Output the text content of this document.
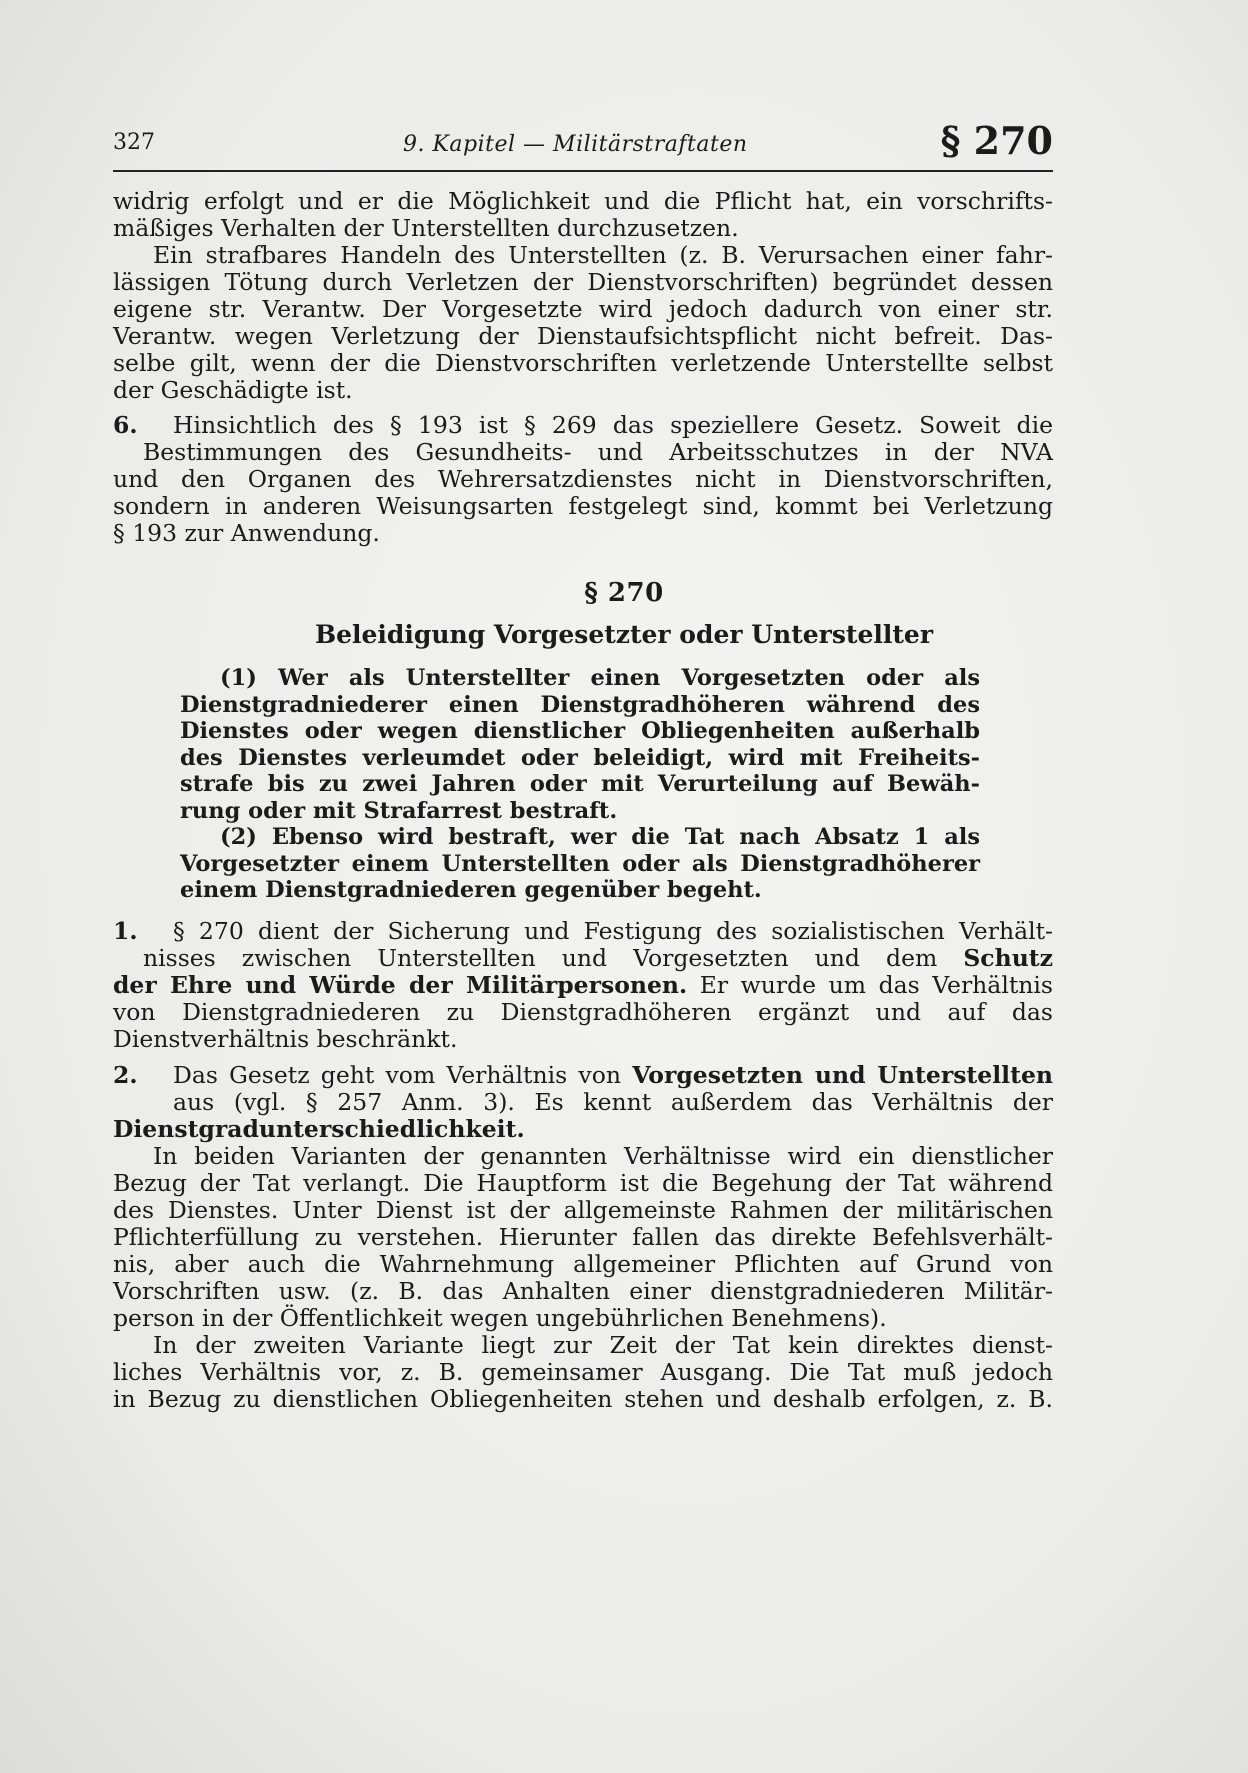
327	9. Kapitel — Militärstraftaten	§ 270

widrig erfolgt und er die Möglichkeit und die Pflicht hat, ein vorschrifts-

mäßiges Verhalten der Unterstellten durchzusetzen.

Ein strafbares Handeln des Unterstellten (z. B. Verursachen einer fahr-

lässigen Tötung durch Verletzen der Dienstvorschriften) begründet dessen

eigene str. Verantw. Der Vorgesetzte wird jedoch dadurch von einer str.

Verantw. wegen Verletzung der Dienstaufsichtspflicht nicht befreit. Das-

selbe gilt, wenn der die Dienstvorschriften verletzende Unterstellte selbst

der Geschädigte ist.

6.	Hinsichtlich des § 193 ist § 269 das speziellere Gesetz. Soweit die

Bestimmungen des Gesundheits- und Arbeitsschutzes in der NVA

und den Organen des Wehrersatzdienstes nicht in Dienstvorschriften,

sondern in anderen Weisungsarten festgelegt sind, kommt bei Verletzung

§ 193 zur Anwendung.

§ 270
Beleidigung Vorgesetzter oder Unterstellter

(1) Wer als Unterstellter einen Vorgesetzten oder als

Dienstgradniederer einen Dienstgradhöheren während des

Dienstes oder wegen dienstlicher Obliegenheiten außerhalb

des Dienstes verleumdet oder beleidigt, wird mit Freiheits-

strafe bis zu zwei Jahren oder mit Verurteilung auf Bewäh-

rung oder mit Strafarrest bestraft.

(2) Ebenso wird bestraft, wer die Tat nach Absatz 1 als

Vorgesetzter einem Unterstellten oder als Dienstgradhöherer

einem Dienstgradniederen gegenüber begeht.

1.	§ 270 dient der Sicherung und Festigung des sozialistischen Verhält-

nisses zwischen Unterstellten und Vorgesetzten und dem Schutz

der Ehre und Würde der Militärpersonen. Er wurde um das Verhältnis

von Dienstgradniederen zu Dienstgradhöheren ergänzt und auf das

Dienstverhältnis beschränkt.

2.	Das Gesetz geht vom Verhältnis von Vorgesetzten und Unterstellten

aus (vgl. § 257 Anm. 3). Es kennt außerdem das Verhältnis der

Dienstgradunterschiedlichkeit.

In beiden Varianten der genannten Verhältnisse wird ein dienstlicher

Bezug der Tat verlangt. Die Hauptform ist die Begehung der Tat während

des Dienstes. Unter Dienst ist der allgemeinste Rahmen der militärischen

Pflichterfüllung zu verstehen. Hierunter fallen das direkte Befehlsverhält-

nis, aber auch die Wahrnehmung allgemeiner Pflichten auf Grund von

Vorschriften usw. (z. B. das Anhalten einer dienstgradniederen Militär-

person in der Öffentlichkeit wegen ungebührlichen Benehmens).

In der zweiten Variante liegt zur Zeit der Tat kein direktes dienst-

liches Verhältnis vor, z. B. gemeinsamer Ausgang. Die Tat muß jedoch

in Bezug zu dienstlichen Obliegenheiten stehen und deshalb erfolgen, z. B.
